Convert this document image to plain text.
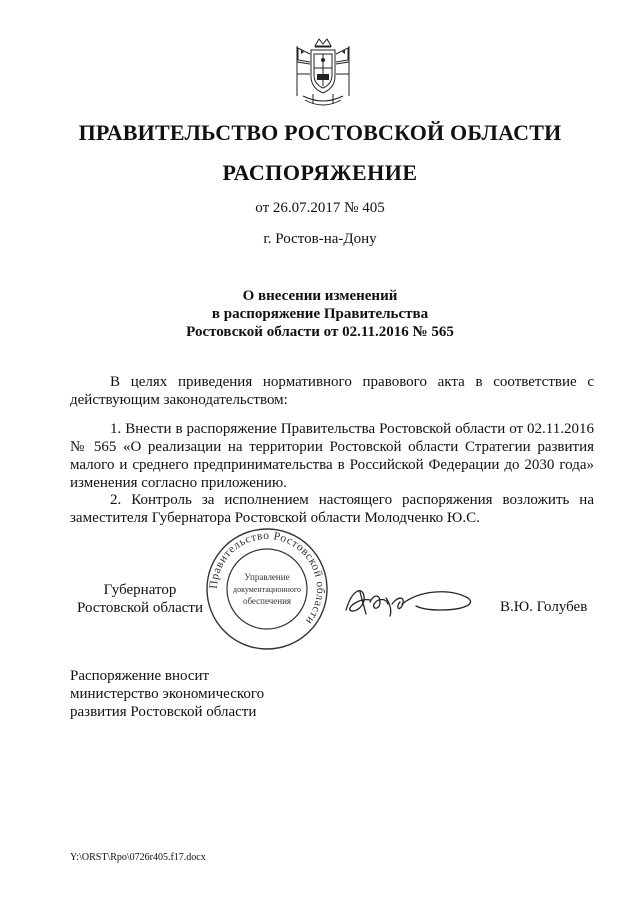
ПРАВИТЕЛЬСТВО РОСТОВСКОЙ ОБЛАСТИ
РАСПОРЯЖЕНИЕ
от 26.07.2017 № 405
г. Ростов-на-Дону
О внесении изменений
в распоряжение Правительства
Ростовской области от 02.11.2016 № 565
В целях приведения нормативного правового акта в соответствие с действующим законодательством:
1. Внести в распоряжение Правительства Ростовской области от 02.11.2016 № 565 «О реализации на территории Ростовской области Стратегии развития малого и среднего предпринимательства в Российской Федерации до 2030 года» изменения согласно приложению.
2. Контроль за исполнением настоящего распоряжения возложить на заместителя Губернатора Ростовской области Молодченко Ю.С.
Губернатор
Ростовской области
Правительство Ростовской области
Управление
документационного
обеспечения	В.Ю. Голубев
Распоряжение вносит
министерство экономического
развития Ростовской области
Y:\ORST\Rpo\0726r405.f17.docx
